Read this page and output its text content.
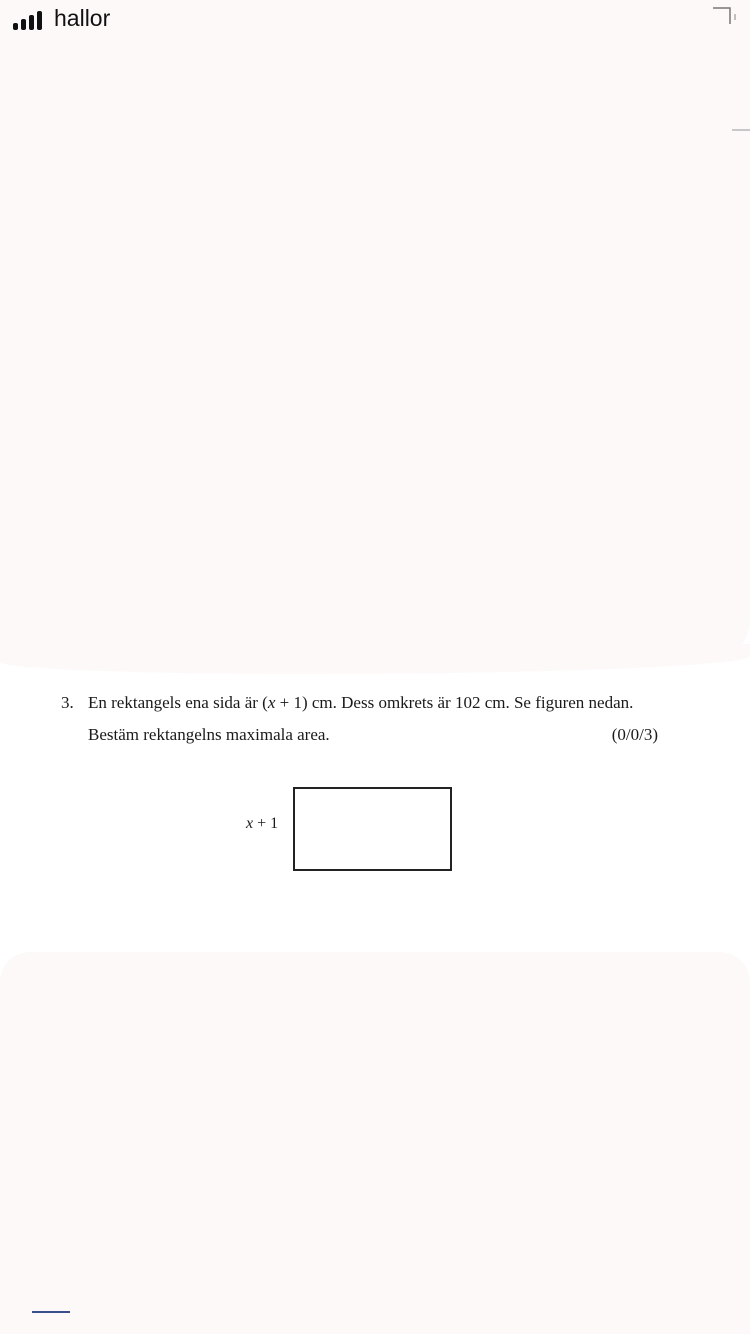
hallor
3. En rektangels ena sida är (x + 1) cm. Dess omkrets är 102 cm. Se figuren nedan.
Bestäm rektangelns maximala area.	(0/0/3)
x + 1
